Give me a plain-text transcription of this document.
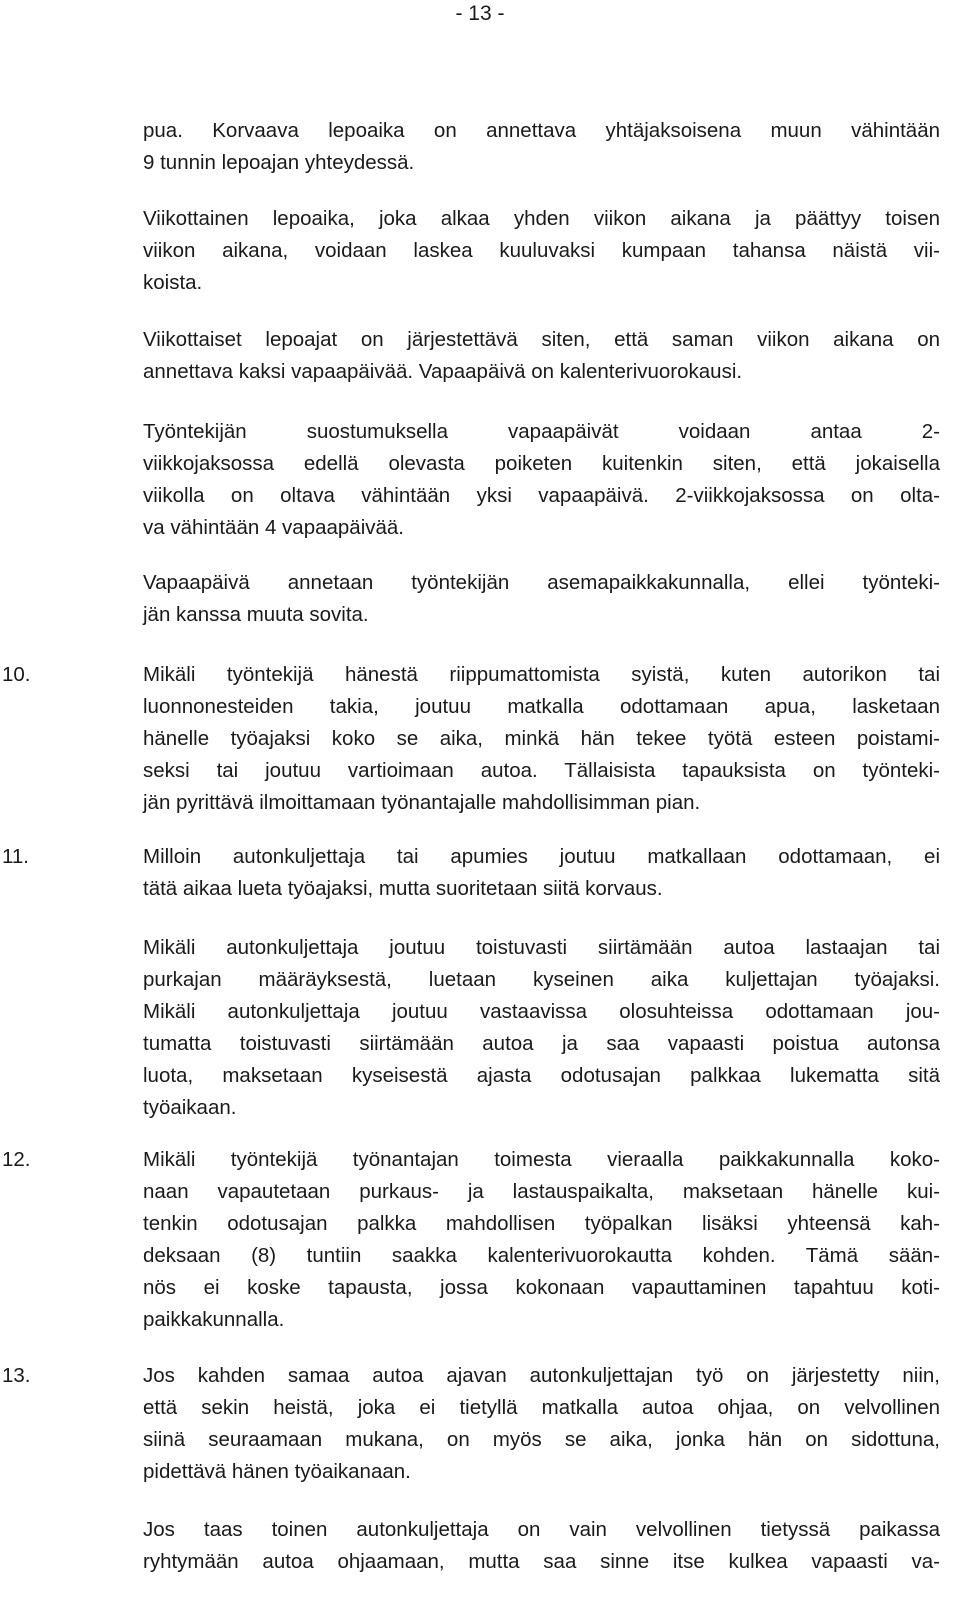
- 13 -
pua. Korvaava lepoaika on annettava yhtäjaksoisena muun vähintään
9 tunnin lepoajan yhteydessä.
Viikottainen lepoaika, joka alkaa yhden viikon aikana ja päättyy toisen
viikon aikana, voidaan laskea kuuluvaksi kumpaan tahansa näistä vii-
koista.
Viikottaiset lepoajat on järjestettävä siten, että saman viikon aikana on
annettava kaksi vapaapäivää. Vapaapäivä on kalenterivuorokausi.
Työntekijän suostumuksella vapaapäivät voidaan antaa 2-
viikkojaksossa edellä olevasta poiketen kuitenkin siten, että jokaisella
viikolla on oltava vähintään yksi vapaapäivä. 2-viikkojaksossa on olta-
va vähintään 4 vapaapäivää.
Vapaapäivä annetaan työntekijän asemapaikkakunnalla, ellei työnteki-
jän kanssa muuta sovita.
10.	Mikäli työntekijä hänestä riippumattomista syistä, kuten autorikon tai
luonnonesteiden takia, joutuu matkalla odottamaan apua, lasketaan
hänelle työajaksi koko se aika, minkä hän tekee työtä esteen poistami-
seksi tai joutuu vartioimaan autoa. Tällaisista tapauksista on työnteki-
jän pyrittävä ilmoittamaan työnantajalle mahdollisimman pian.
11.	Milloin autonkuljettaja tai apumies joutuu matkallaan odottamaan, ei
tätä aikaa lueta työajaksi, mutta suoritetaan siitä korvaus.
Mikäli autonkuljettaja joutuu toistuvasti siirtämään autoa lastaajan tai
purkajan määräyksestä, luetaan kyseinen aika kuljettajan työajaksi.
Mikäli autonkuljettaja joutuu vastaavissa olosuhteissa odottamaan jou-
tumatta toistuvasti siirtämään autoa ja saa vapaasti poistua autonsa
luota, maksetaan kyseisestä ajasta odotusajan palkkaa lukematta sitä
työaikaan.
12.	Mikäli työntekijä työnantajan toimesta vieraalla paikkakunnalla koko-
naan vapautetaan purkaus- ja lastauspaikalta, maksetaan hänelle kui-
tenkin odotusajan palkka mahdollisen työpalkan lisäksi yhteensä kah-
deksaan (8) tuntiin saakka kalenterivuorokautta kohden. Tämä sään-
nös ei koske tapausta, jossa kokonaan vapauttaminen tapahtuu koti-
paikkakunnalla.
13.	Jos kahden samaa autoa ajavan autonkuljettajan työ on järjestetty niin,
että sekin heistä, joka ei tietyllä matkalla autoa ohjaa, on velvollinen
siinä seuraamaan mukana, on myös se aika, jonka hän on sidottuna,
pidettävä hänen työaikanaan.
Jos taas toinen autonkuljettaja on vain velvollinen tietyssä paikassa
ryhtymään autoa ohjaamaan, mutta saa sinne itse kulkea vapaasti va-
